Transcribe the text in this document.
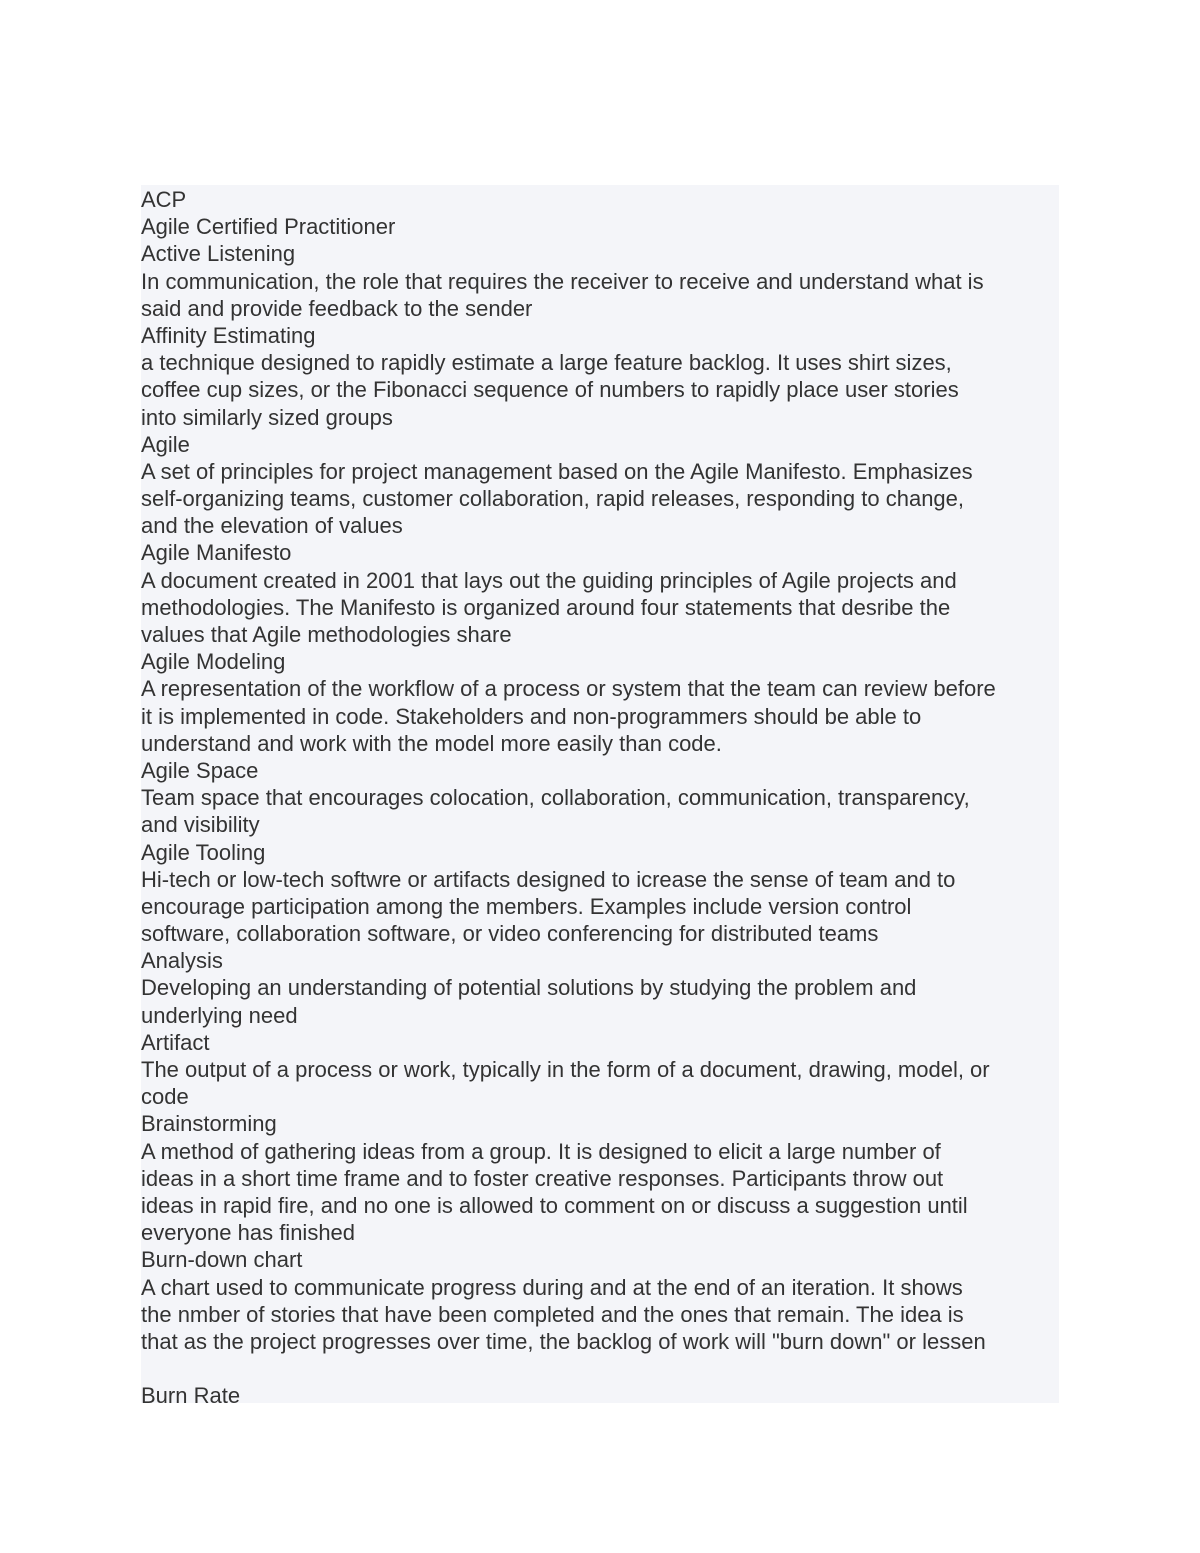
ACP
Agile Certified Practitioner
Active Listening
In communication, the role that requires the receiver to receive and understand what is
said and provide feedback to the sender
Affinity Estimating
a technique designed to rapidly estimate a large feature backlog. It uses shirt sizes,
coffee cup sizes, or the Fibonacci sequence of numbers to rapidly place user stories
into similarly sized groups
Agile
A set of principles for project management based on the Agile Manifesto. Emphasizes
self-organizing teams, customer collaboration, rapid releases, responding to change,
and the elevation of values
Agile Manifesto
A document created in 2001 that lays out the guiding principles of Agile projects and
methodologies. The Manifesto is organized around four statements that desribe the
values that Agile methodologies share
Agile Modeling
A representation of the workflow of a process or system that the team can review before
it is implemented in code. Stakeholders and non-programmers should be able to
understand and work with the model more easily than code.
Agile Space
Team space that encourages colocation, collaboration, communication, transparency,
and visibility
Agile Tooling
Hi-tech or low-tech softwre or artifacts designed to icrease the sense of team and to
encourage participation among the members. Examples include version control
software, collaboration software, or video conferencing for distributed teams
Analysis
Developing an understanding of potential solutions by studying the problem and
underlying need
Artifact
The output of a process or work, typically in the form of a document, drawing, model, or
code
Brainstorming
A method of gathering ideas from a group. It is designed to elicit a large number of
ideas in a short time frame and to foster creative responses. Participants throw out
ideas in rapid fire, and no one is allowed to comment on or discuss a suggestion until
everyone has finished
Burn-down chart
A chart used to communicate progress during and at the end of an iteration. It shows
the nmber of stories that have been completed and the ones that remain. The idea is
that as the project progresses over time, the backlog of work will "burn down" or lessen
Burn Rate
